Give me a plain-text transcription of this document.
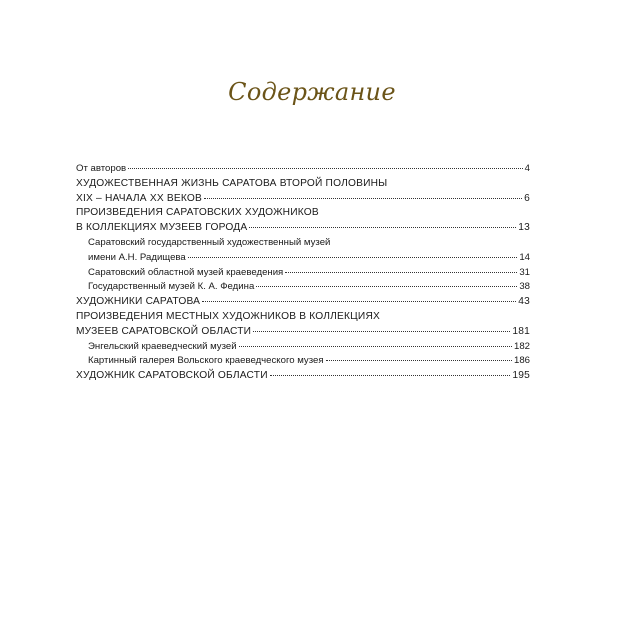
Содержание
От авторов	4
ХУДОЖЕСТВЕННАЯ ЖИЗНЬ САРАТОВА ВТОРОЙ ПОЛОВИНЫ
XIX – НАЧАЛА XX ВЕКОВ	6
ПРОИЗВЕДЕНИЯ САРАТОВСКИХ ХУДОЖНИКОВ
В КОЛЛЕКЦИЯХ МУЗЕЕВ ГОРОДА	13
Саратовский государственный художественный музей
имени А.Н. Радищева	14
Саратовский областной музей краеведения	31
Государственный музей К. А. Федина	38
ХУДОЖНИКИ САРАТОВА	43
ПРОИЗВЕДЕНИЯ МЕСТНЫХ ХУДОЖНИКОВ В КОЛЛЕКЦИЯХ
МУЗЕЕВ САРАТОВСКОЙ ОБЛАСТИ	181
Энгельский краеведческий музей	182
Картинный галерея Вольского краеведческого музея	186
ХУДОЖНИК САРАТОВСКОЙ ОБЛАСТИ	195
